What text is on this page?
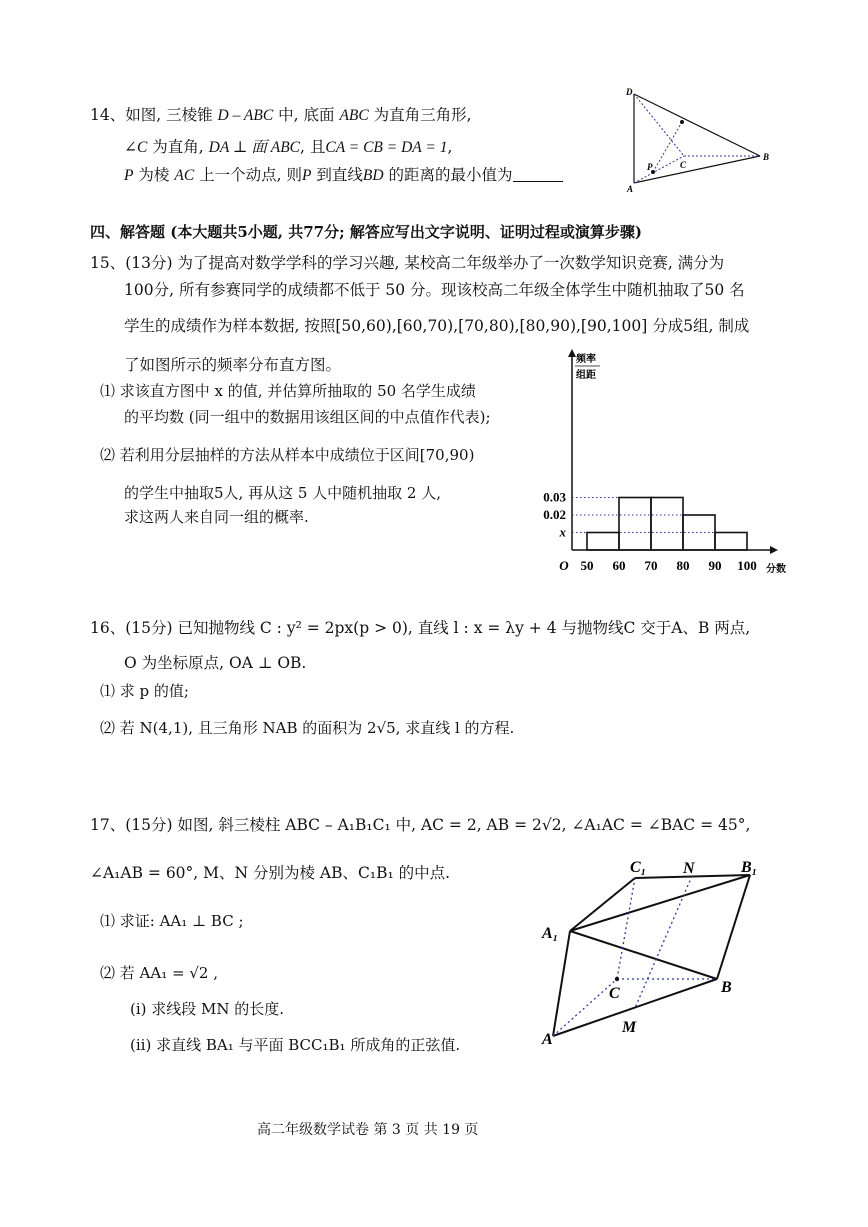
14、如图, 三棱锥 D – ABC 中, 底面 ABC 为直角三角形,
∠C 为直角, DA ⊥ 面 ABC, 且CA = CB = DA = 1,
P 为棱 AC 上一个动点, 则P 到直线BD 的距离的最小值为
D
A
B
C
P
四、解答题 (本大题共5小题, 共77分; 解答应写出文字说明、证明过程或演算步骤)
15、(13分) 为了提高对数学学科的学习兴趣, 某校高二年级举办了一次数学知识竞赛, 满分为
100分, 所有参赛同学的成绩都不低于 50 分。现该校高二年级全体学生中随机抽取了50 名
学生的成绩作为样本数据, 按照[50,60),[60,70),[70,80),[80,90),[90,100] 分成5组, 制成
了如图所示的频率分布直方图。
⑴ 求该直方图中 x 的值, 并估算所抽取的 50 名学生成绩
的平均数 (同一组中的数据用该组区间的中点值作代表);
⑵ 若利用分层抽样的方法从样本中成绩位于区间[70,90)
的学生中抽取5人, 再从这 5 人中随机抽取 2 人,
求这两人来自同一组的概率.
0.03
0.02
x
50 60 70 80 90 100
O	分数
频率
组距
16、(15分) 已知抛物线 C : y² = 2px(p > 0), 直线 l : x = λy + 4 与抛物线C 交于A、B 两点,
O 为坐标原点, OA ⊥ OB.
⑴ 求 p 的值;
⑵ 若 N(4,1), 且三角形 NAB 的面积为 2√5, 求直线 l 的方程.
17、(15分) 如图, 斜三棱柱 ABC – A₁B₁C₁ 中, AC = 2, AB = 2√2, ∠A₁AC = ∠BAC = 45°,
∠A₁AB = 60°, M、N 分别为棱 AB、C₁B₁ 的中点.
⑴ 求证: AA₁ ⊥ BC ;
⑵ 若 AA₁ = √2 ,
(ⅰ) 求线段 MN 的长度.
(ⅱ) 求直线 BA₁ 与平面 BCC₁B₁ 所成角的正弦值.	A
B
C
A₁
B₁
C₁
M
N
高二年级数学试卷 第 3 页 共 19 页
